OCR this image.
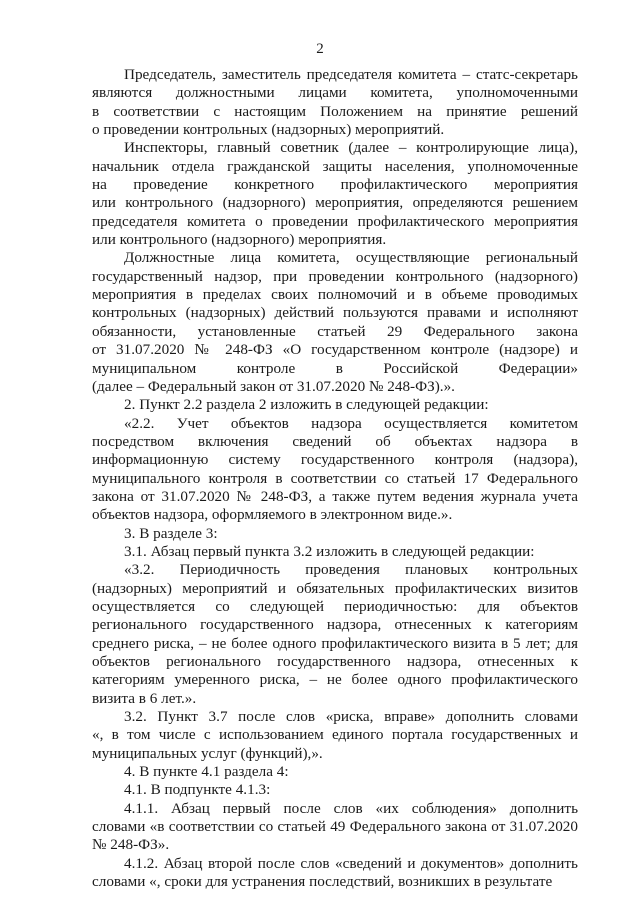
2
Председатель, заместитель председателя комитета – статс-секретарь
являются должностными лицами комитета, уполномоченными
в соответствии с настоящим Положением на принятие решений
о проведении контрольных (надзорных) мероприятий.
Инспекторы, главный советник (далее – контролирующие лица),
начальник отдела гражданской защиты населения, уполномоченные
на проведение конкретного профилактического мероприятия
или контрольного (надзорного) мероприятия, определяются решением
председателя комитета о проведении профилактического мероприятия
или контрольного (надзорного) мероприятия.
Должностные лица комитета, осуществляющие региональный
государственный надзор, при проведении контрольного (надзорного)
мероприятия в пределах своих полномочий и в объеме проводимых
контрольных (надзорных) действий пользуются правами и исполняют
обязанности, установленные статьей 29 Федерального закона
от 31.07.2020 № 248-ФЗ «О государственном контроле (надзоре) и
муниципальном контроле в Российской Федерации»
(далее – Федеральный закон от 31.07.2020 № 248-ФЗ).».
2. Пункт 2.2 раздела 2 изложить в следующей редакции:
«2.2. Учет объектов надзора осуществляется комитетом
посредством включения сведений об объектах надзора в
информационную систему государственного контроля (надзора),
муниципального контроля в соответствии со статьей 17 Федерального
закона от 31.07.2020 № 248-ФЗ, а также путем ведения журнала учета
объектов надзора, оформляемого в электронном виде.».
3. В разделе 3:
3.1. Абзац первый пункта 3.2 изложить в следующей редакции:
«3.2. Периодичность проведения плановых контрольных
(надзорных) мероприятий и обязательных профилактических визитов
осуществляется со следующей периодичностью: для объектов
регионального государственного надзора, отнесенных к категориям
среднего риска, – не более одного профилактического визита в 5 лет; для
объектов регионального государственного надзора, отнесенных к
категориям умеренного риска, – не более одного профилактического
визита в 6 лет.».
3.2. Пункт 3.7 после слов «риска, вправе» дополнить словами
«, в том числе с использованием единого портала государственных и
муниципальных услуг (функций),».
4. В пункте 4.1 раздела 4:
4.1. В подпункте 4.1.3:
4.1.1. Абзац первый после слов «их соблюдения» дополнить
словами «в соответствии со статьей 49 Федерального закона от 31.07.2020
№ 248-ФЗ».
4.1.2. Абзац второй после слов «сведений и документов» дополнить
словами «, сроки для устранения последствий, возникших в результате
